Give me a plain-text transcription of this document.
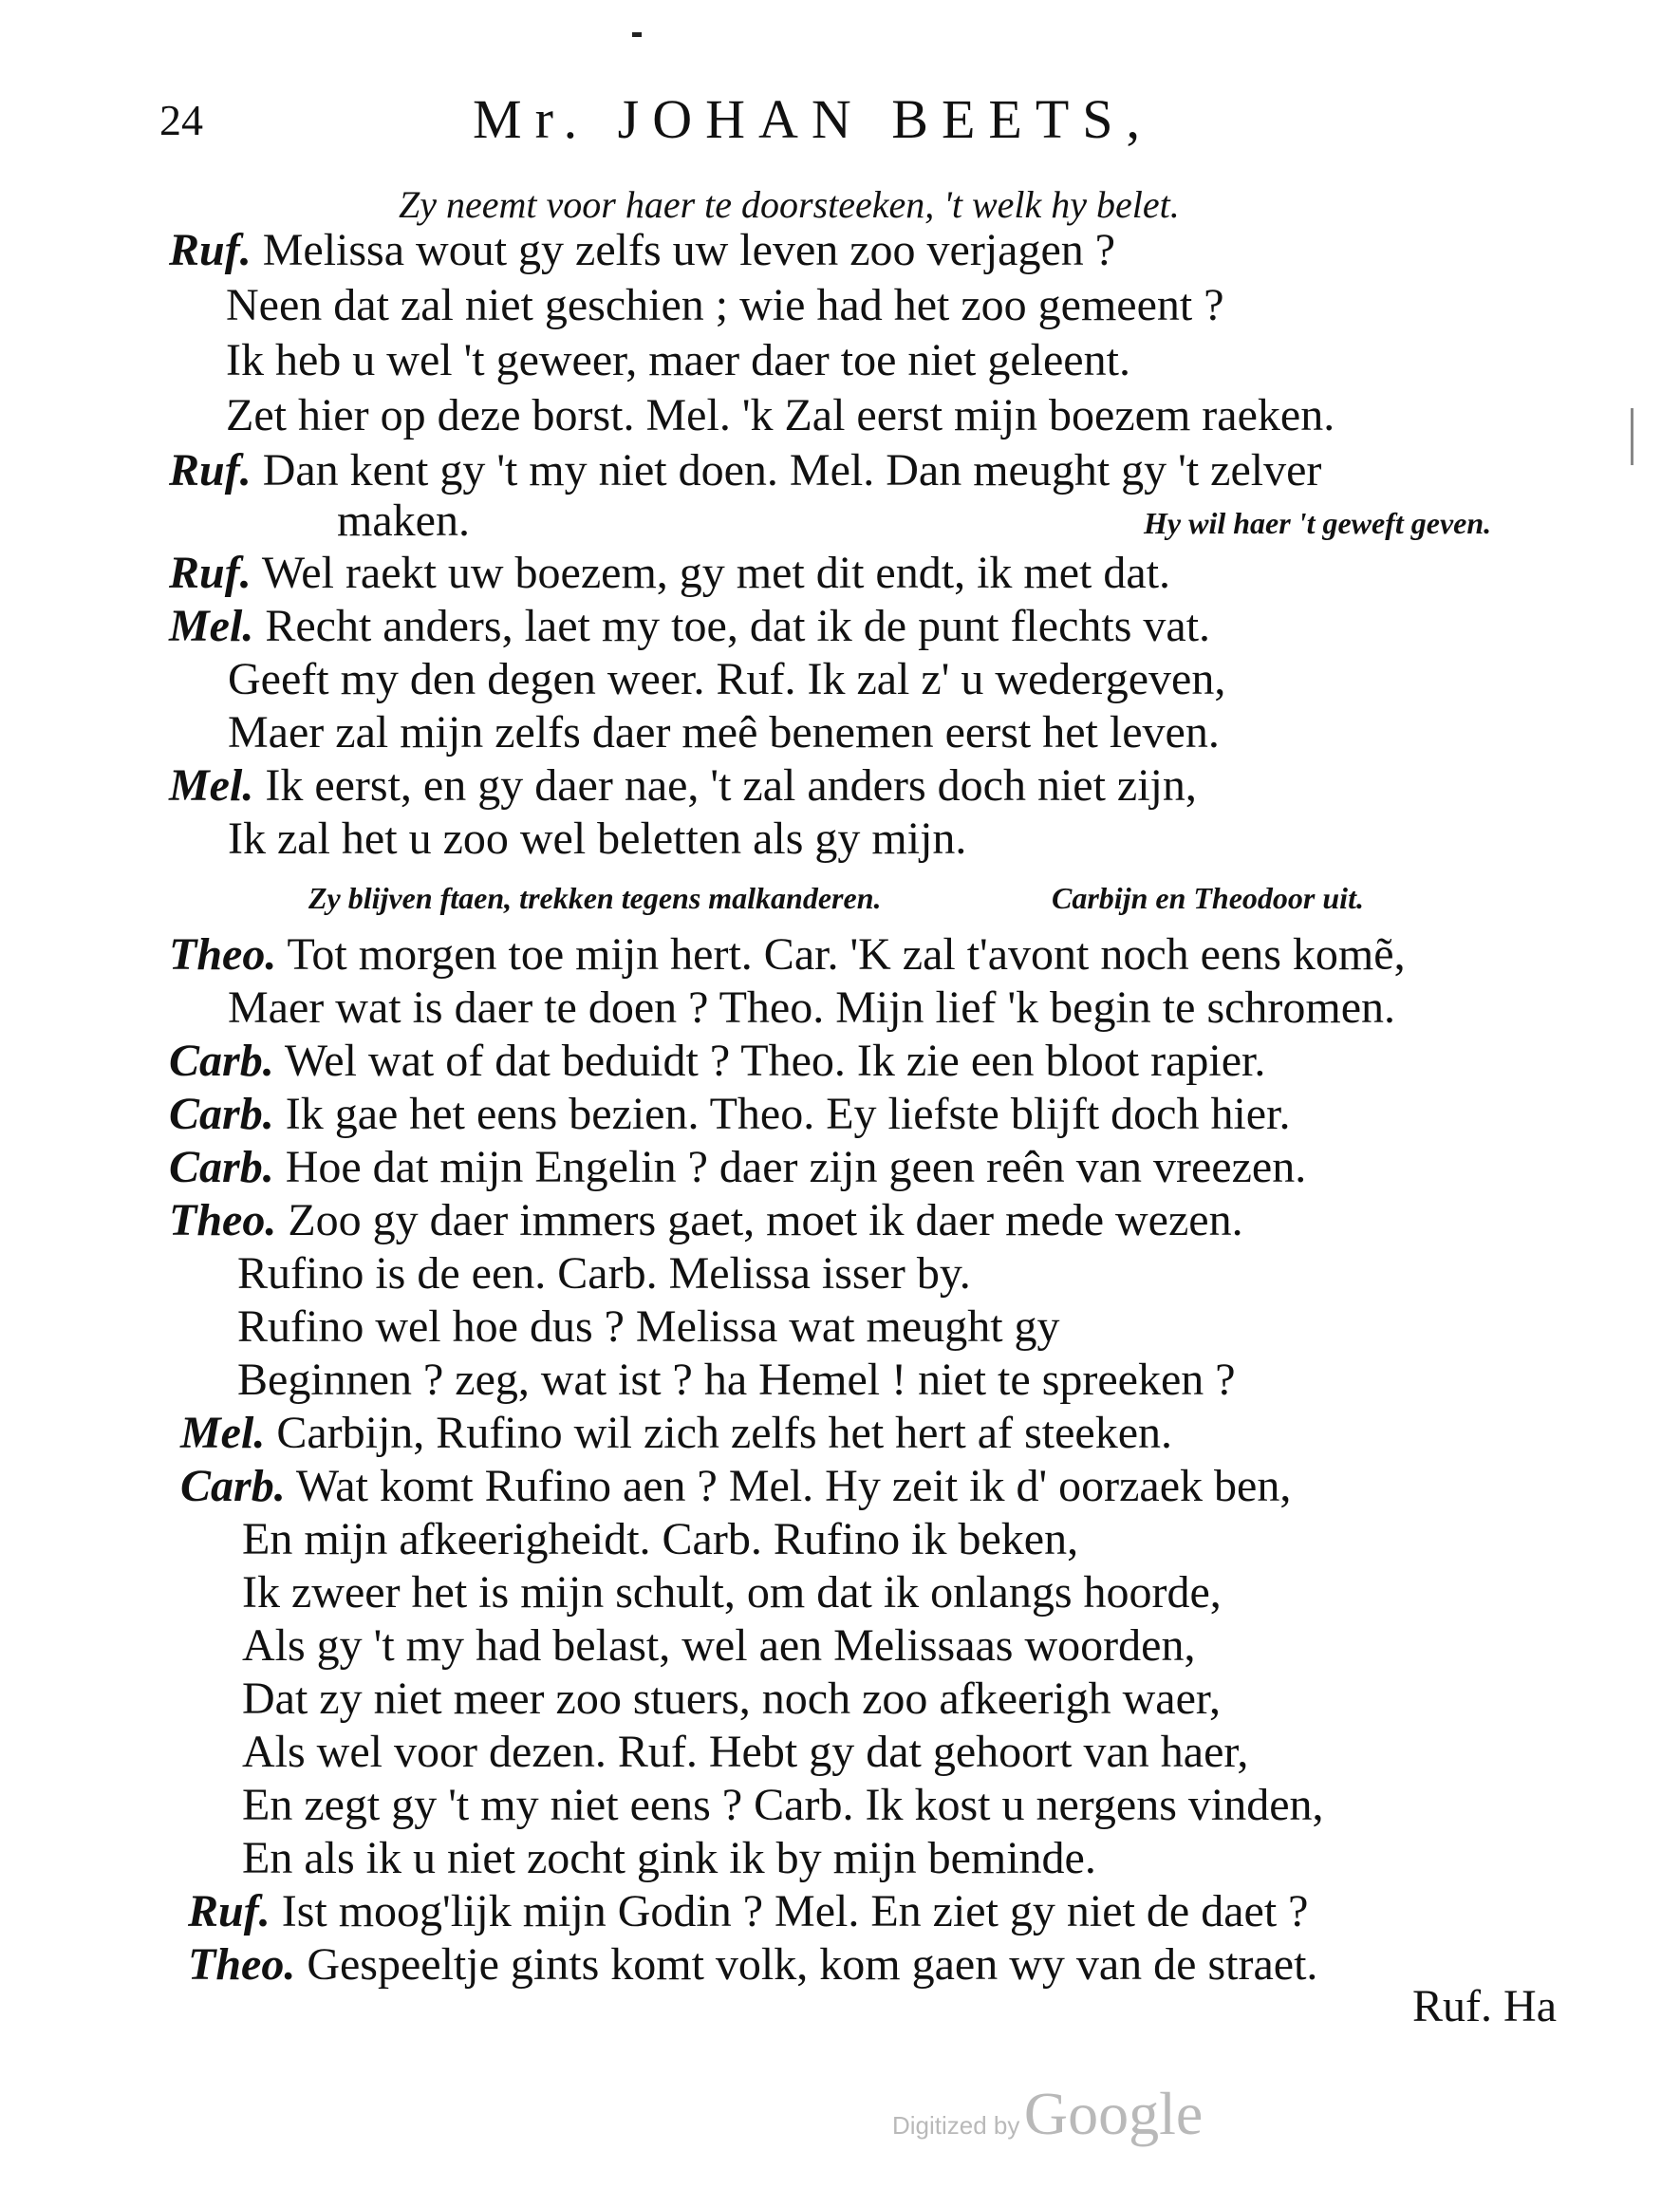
24	Mr. JOHAN BEETS,
Zy neemt voor haer te doorsteeken, 't welk hy belet.
Ruf. Melissa wout gy zelfs uw leven zoo verjagen ?
Neen dat zal niet geschien ; wie had het zoo gemeent ?
Ik heb u wel 't geweer, maer daer toe niet geleent.
Zet hier op deze borst. Mel. 'k Zal eerst mijn boezem raeken.
Ruf. Dan kent gy 't my niet doen. Mel. Dan meught gy 't zelver
maken.	Hy wil haer 't geweft geven.
Ruf. Wel raekt uw boezem, gy met dit endt, ik met dat.
Mel. Recht anders, laet my toe, dat ik de punt flechts vat.
Geeft my den degen weer. Ruf. Ik zal z' u wedergeven,
Maer zal mijn zelfs daer meê benemen eerst het leven.
Mel. Ik eerst, en gy daer nae, 't zal anders doch niet zijn,
Ik zal het u zoo wel beletten als gy mijn.
Zy blijven ftaen, trekken tegens malkanderen.	Carbijn en Theodoor uit.
Theo. Tot morgen toe mijn hert. Car. 'K zal t'avont noch eens komẽ,
Maer wat is daer te doen ? Theo. Mijn lief 'k begin te schromen.
Carb. Wel wat of dat beduidt ? Theo. Ik zie een bloot rapier.
Carb. Ik gae het eens bezien. Theo. Ey liefste blijft doch hier.
Carb. Hoe dat mijn Engelin ? daer zijn geen reên van vreezen.
Theo. Zoo gy daer immers gaet, moet ik daer mede wezen.
Rufino is de een. Carb. Melissa isser by.
Rufino wel hoe dus ? Melissa wat meught gy
Beginnen ? zeg, wat ist ? ha Hemel ! niet te spreeken ?
Mel. Carbijn, Rufino wil zich zelfs het hert af steeken.
Carb. Wat komt Rufino aen ? Mel. Hy zeit ik d' oorzaek ben,
En mijn afkeerigheidt. Carb. Rufino ik beken,
Ik zweer het is mijn schult, om dat ik onlangs hoorde,
Als gy 't my had belast, wel aen Melissaas woorden,
Dat zy niet meer zoo stuers, noch zoo afkeerigh waer,
Als wel voor dezen. Ruf. Hebt gy dat gehoort van haer,
En zegt gy 't my niet eens ? Carb. Ik kost u nergens vinden,
En als ik u niet zocht gink ik by mijn beminde.
Ruf. Ist moog'lijk mijn Godin ? Mel. En ziet gy niet de daet ?
Theo. Gespeeltje gints komt volk, kom gaen wy van de straet.
Ruf. Ha
Digitized by Google
